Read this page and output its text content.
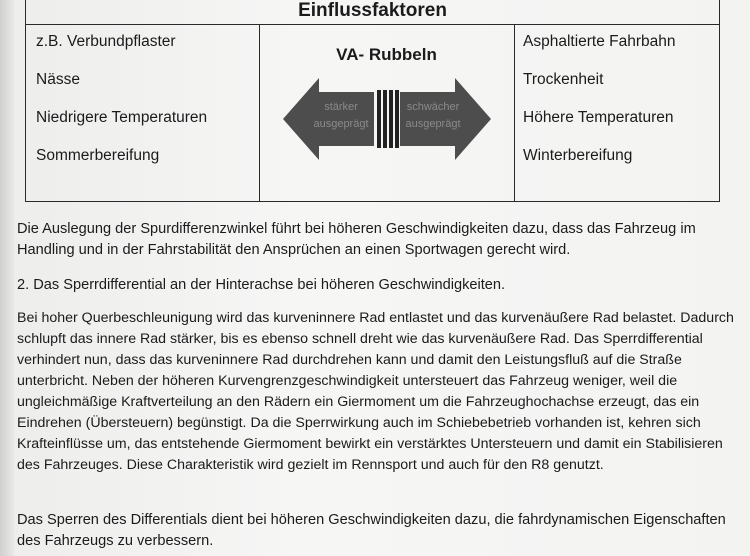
Einflussfaktoren
z.B. Verbundpflaster
Nässe
Niedrigere Temperaturen
Sommerbereifung
VA- Rubbeln
stärker
ausgeprägt
schwächer
ausgeprägt
Asphaltierte Fahrbahn
Trockenheit
Höhere Temperaturen
Winterbereifung
Die Auslegung der Spurdifferenzwinkel führt bei höheren Geschwindigkeiten dazu, dass das Fahrzeug im Handling und in der Fahrstabilität den Ansprüchen an einen Sportwagen gerecht wird.
2. Das Sperrdifferential an der Hinterachse bei höheren Geschwindigkeiten.
Bei hoher Querbeschleunigung wird das kurveninnere Rad entlastet und das kurvenäußere Rad belastet. Dadurch schlupft das innere Rad stärker, bis es ebenso schnell dreht wie das kurvenäußere Rad. Das Sperrdifferential verhindert nun, dass das kurveninnere Rad durchdrehen kann und damit den Leistungsfluß auf die Straße unterbricht. Neben der höheren Kurvengrenzgeschwindigkeit untersteuert das Fahrzeug weniger, weil die ungleichmäßige Kraftverteilung an den Rädern ein Giermoment um die Fahrzeughochachse erzeugt, das ein Eindrehen (Übersteuern) begünstigt. Da die Sperrwirkung auch im Schiebebetrieb vorhanden ist, kehren sich Krafteinflüsse um, das entstehende Giermoment bewirkt ein verstärktes Untersteuern und damit ein Stabilisieren des Fahrzeuges. Diese Charakteristik wird gezielt im Rennsport und auch für den R8 genutzt.
Das Sperren des Differentials dient bei höheren Geschwindigkeiten dazu, die fahrdynamischen Eigenschaften des Fahrzeugs zu verbessern.
